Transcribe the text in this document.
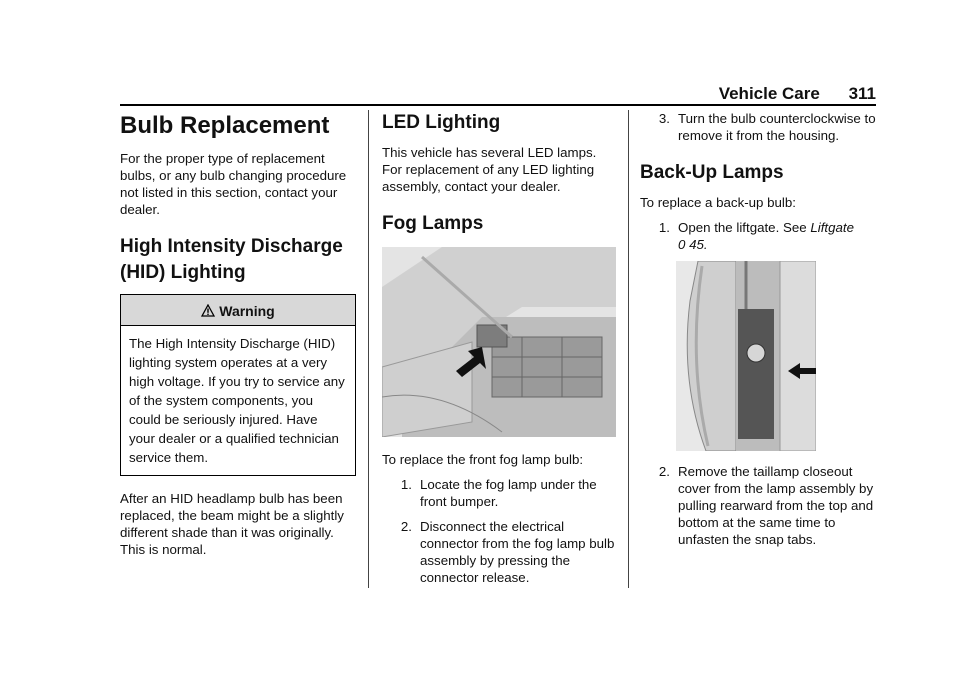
Vehicle Care 311
Bulb Replacement

For the proper type of replacement bulbs, or any bulb changing procedure not listed in this section, contact your dealer.

High Intensity Discharge (HID) Lighting
Warning
The High Intensity Discharge (HID) lighting system operates at a very high voltage. If you try to service any of the system components, you could be seriously injured. Have your dealer or a qualified technician service them.

After an HID headlamp bulb has been replaced, the beam might be a slightly different shade than it was originally. This is normal.

LED Lighting

This vehicle has several LED lamps. For replacement of any LED lighting assembly, contact your dealer.

Fog Lamps

To replace the front fog lamp bulb:

1. Locate the fog lamp under the front bumper.
2. Disconnect the electrical connector from the fog lamp bulb assembly by pressing the connector release.
3. Turn the bulb counterclockwise to remove it from the housing.
Back-Up Lamps

To replace a back-up bulb:

1. Open the liftgate. See Liftgate
0 45.
2. Remove the taillamp closeout cover from the lamp assembly by pulling rearward from the top and bottom at the same time to unfasten the snap tabs.
